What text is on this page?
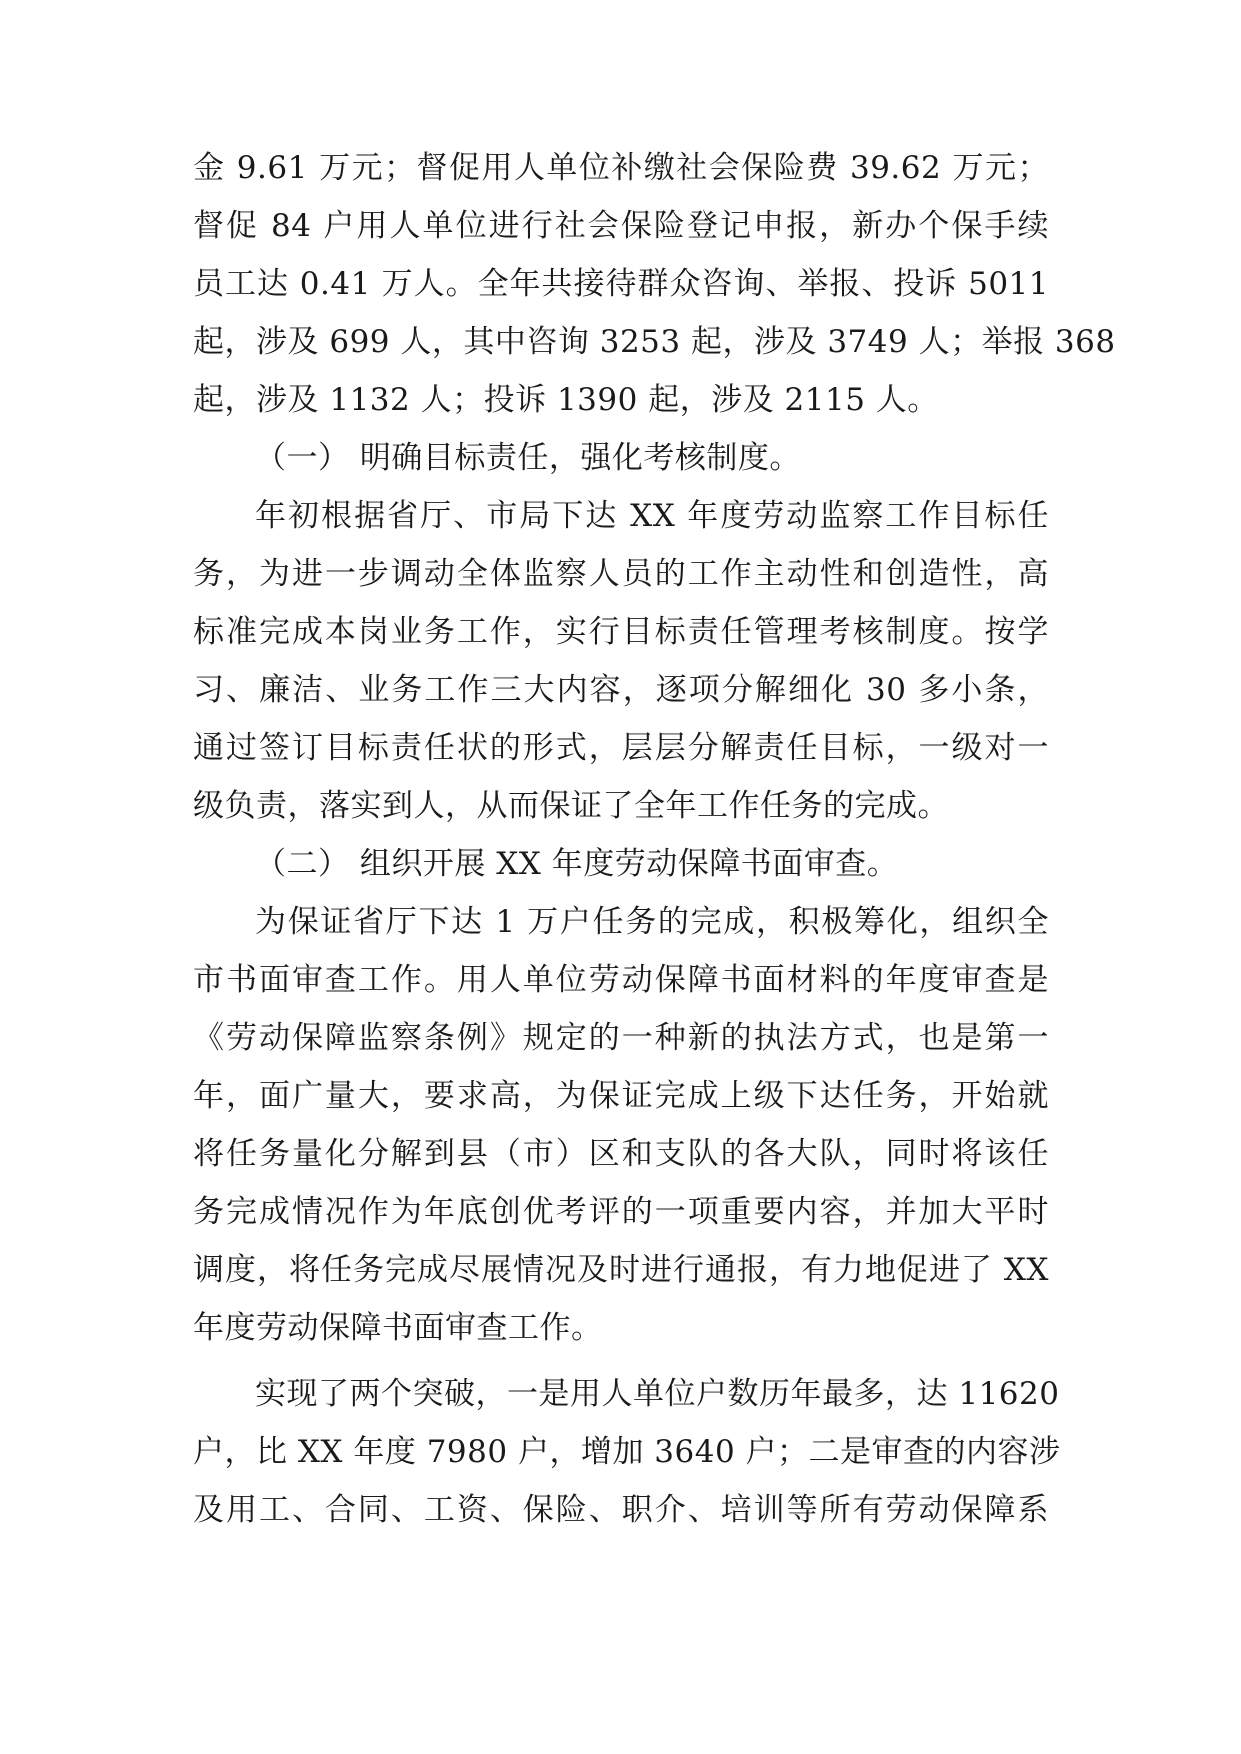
金 9.61 万元；督促用人单位补缴社会保险费 39.62 万元；
督促 84 户用人单位进行社会保险登记申报，新办个保手续
员工达 0.41 万人。全年共接待群众咨询、举报、投诉 5011
起，涉及 699 人，其中咨询 3253 起，涉及 3749 人；举报 368
起，涉及 1132 人；投诉 1390 起，涉及 2115 人。
（一） 明确目标责任，强化考核制度。
年初根据省厅、市局下达 XX 年度劳动监察工作目标任
务，为进一步调动全体监察人员的工作主动性和创造性，高
标准完成本岗业务工作，实行目标责任管理考核制度。按学
习、廉洁、业务工作三大内容，逐项分解细化 30 多小条，
通过签订目标责任状的形式，层层分解责任目标，一级对一
级负责，落实到人，从而保证了全年工作任务的完成。
（二） 组织开展 XX 年度劳动保障书面审查。
为保证省厅下达 1 万户任务的完成，积极筹化，组织全
市书面审查工作。用人单位劳动保障书面材料的年度审查是
《劳动保障监察条例》规定的一种新的执法方式，也是第一
年，面广量大，要求高，为保证完成上级下达任务，开始就
将任务量化分解到县（市）区和支队的各大队，同时将该任
务完成情况作为年底创优考评的一项重要内容，并加大平时
调度，将任务完成尽展情况及时进行通报，有力地促进了 XX
年度劳动保障书面审查工作。
实现了两个突破，一是用人单位户数历年最多，达 11620
户，比 XX 年度 7980 户，增加 3640 户；二是审查的内容涉
及用工、合同、工资、保险、职介、培训等所有劳动保障系
